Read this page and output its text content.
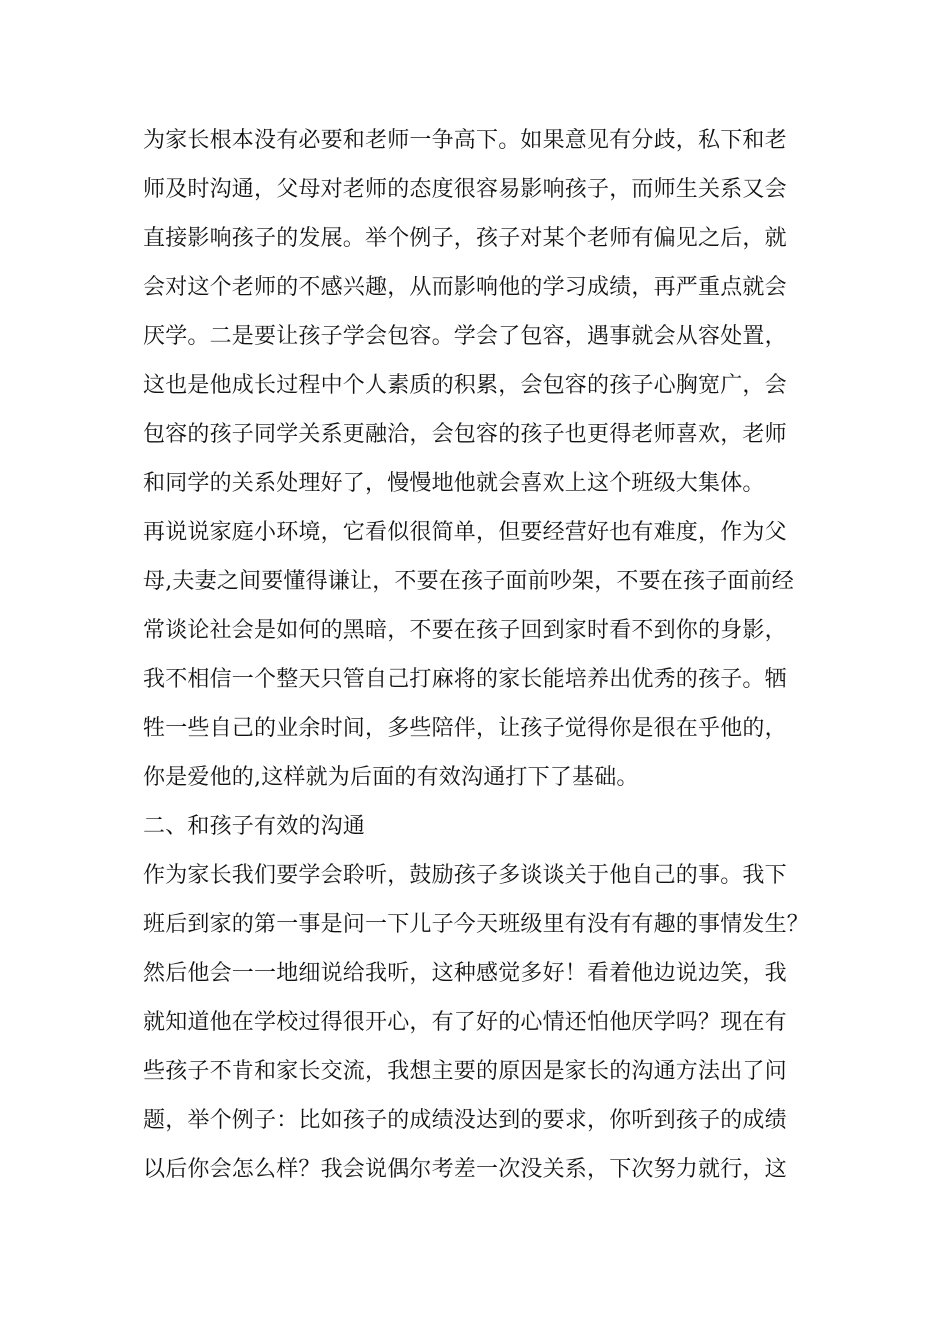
为家长根本没有必要和老师一争高下。如果意见有分歧，私下和老
师及时沟通，父母对老师的态度很容易影响孩子，而师生关系又会
直接影响孩子的发展。举个例子，孩子对某个老师有偏见之后，就
会对这个老师的不感兴趣，从而影响他的学习成绩，再严重点就会
厌学。二是要让孩子学会包容。学会了包容，遇事就会从容处置，
这也是他成长过程中个人素质的积累，会包容的孩子心胸宽广，会
包容的孩子同学关系更融洽，会包容的孩子也更得老师喜欢，老师
和同学的关系处理好了，慢慢地他就会喜欢上这个班级大集体。
再说说家庭小环境，它看似很简单，但要经营好也有难度，作为父
母,夫妻之间要懂得谦让，不要在孩子面前吵架，不要在孩子面前经
常谈论社会是如何的黑暗，不要在孩子回到家时看不到你的身影，
我不相信一个整天只管自己打麻将的家长能培养出优秀的孩子。牺
牲一些自己的业余时间，多些陪伴，让孩子觉得你是很在乎他的，
你是爱他的,这样就为后面的有效沟通打下了基础。
二、和孩子有效的沟通
作为家长我们要学会聆听，鼓励孩子多谈谈关于他自己的事。我下
班后到家的第一事是问一下儿子今天班级里有没有有趣的事情发生？
然后他会一一地细说给我听，这种感觉多好！看着他边说边笑，我
就知道他在学校过得很开心，有了好的心情还怕他厌学吗？现在有
些孩子不肯和家长交流，我想主要的原因是家长的沟通方法出了问
题，举个例子：比如孩子的成绩没达到的要求，你听到孩子的成绩
以后你会怎么样？我会说偶尔考差一次没关系，下次努力就行，这
